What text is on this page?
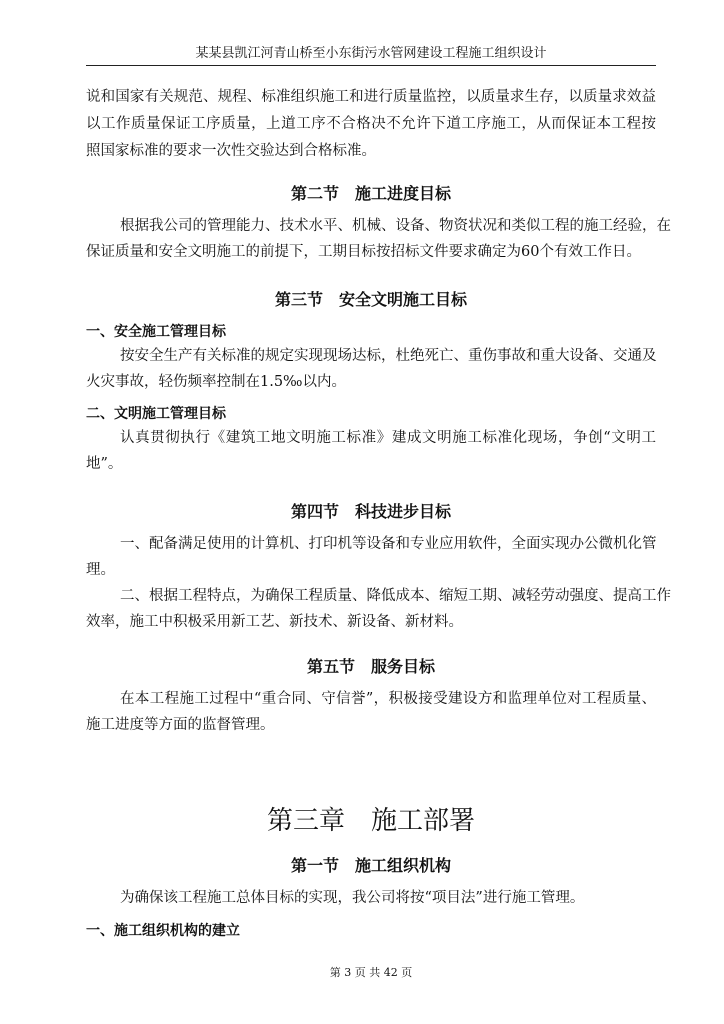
某某县凯江河青山桥至小东街污水管网建设工程施工组织设计
说和国家有关规范、规程、标准组织施工和进行质量监控，以质量求生存，以质量求效益
以工作质量保证工序质量，上道工序不合格决不允许下道工序施工，从而保证本工程按
照国家标准的要求一次性交验达到合格标准。
第二节　施工进度目标
根据我公司的管理能力、技术水平、机械、设备、物资状况和类似工程的施工经验，在
保证质量和安全文明施工的前提下，工期目标按招标文件要求确定为60个有效工作日。
第三节　安全文明施工目标
一、安全施工管理目标
按安全生产有关标准的规定实现现场达标，杜绝死亡、重伤事故和重大设备、交通及
火灾事故，轻伤频率控制在1.5‰以内。
二、文明施工管理目标
认真贯彻执行《建筑工地文明施工标准》建成文明施工标准化现场，争创“文明工
地”。
第四节　科技进步目标
一、配备满足使用的计算机、打印机等设备和专业应用软件，全面实现办公微机化管
理。
二、根据工程特点，为确保工程质量、降低成本、缩短工期、减轻劳动强度、提高工作
效率，施工中积极采用新工艺、新技术、新设备、新材料。
第五节　服务目标
在本工程施工过程中“重合同、守信誉”，积极接受建设方和监理单位对工程质量、
施工进度等方面的监督管理。
第三章　施工部署
第一节　施工组织机构
为确保该工程施工总体目标的实现，我公司将按“项目法”进行施工管理。
一、施工组织机构的建立
第 3 页 共 42 页
